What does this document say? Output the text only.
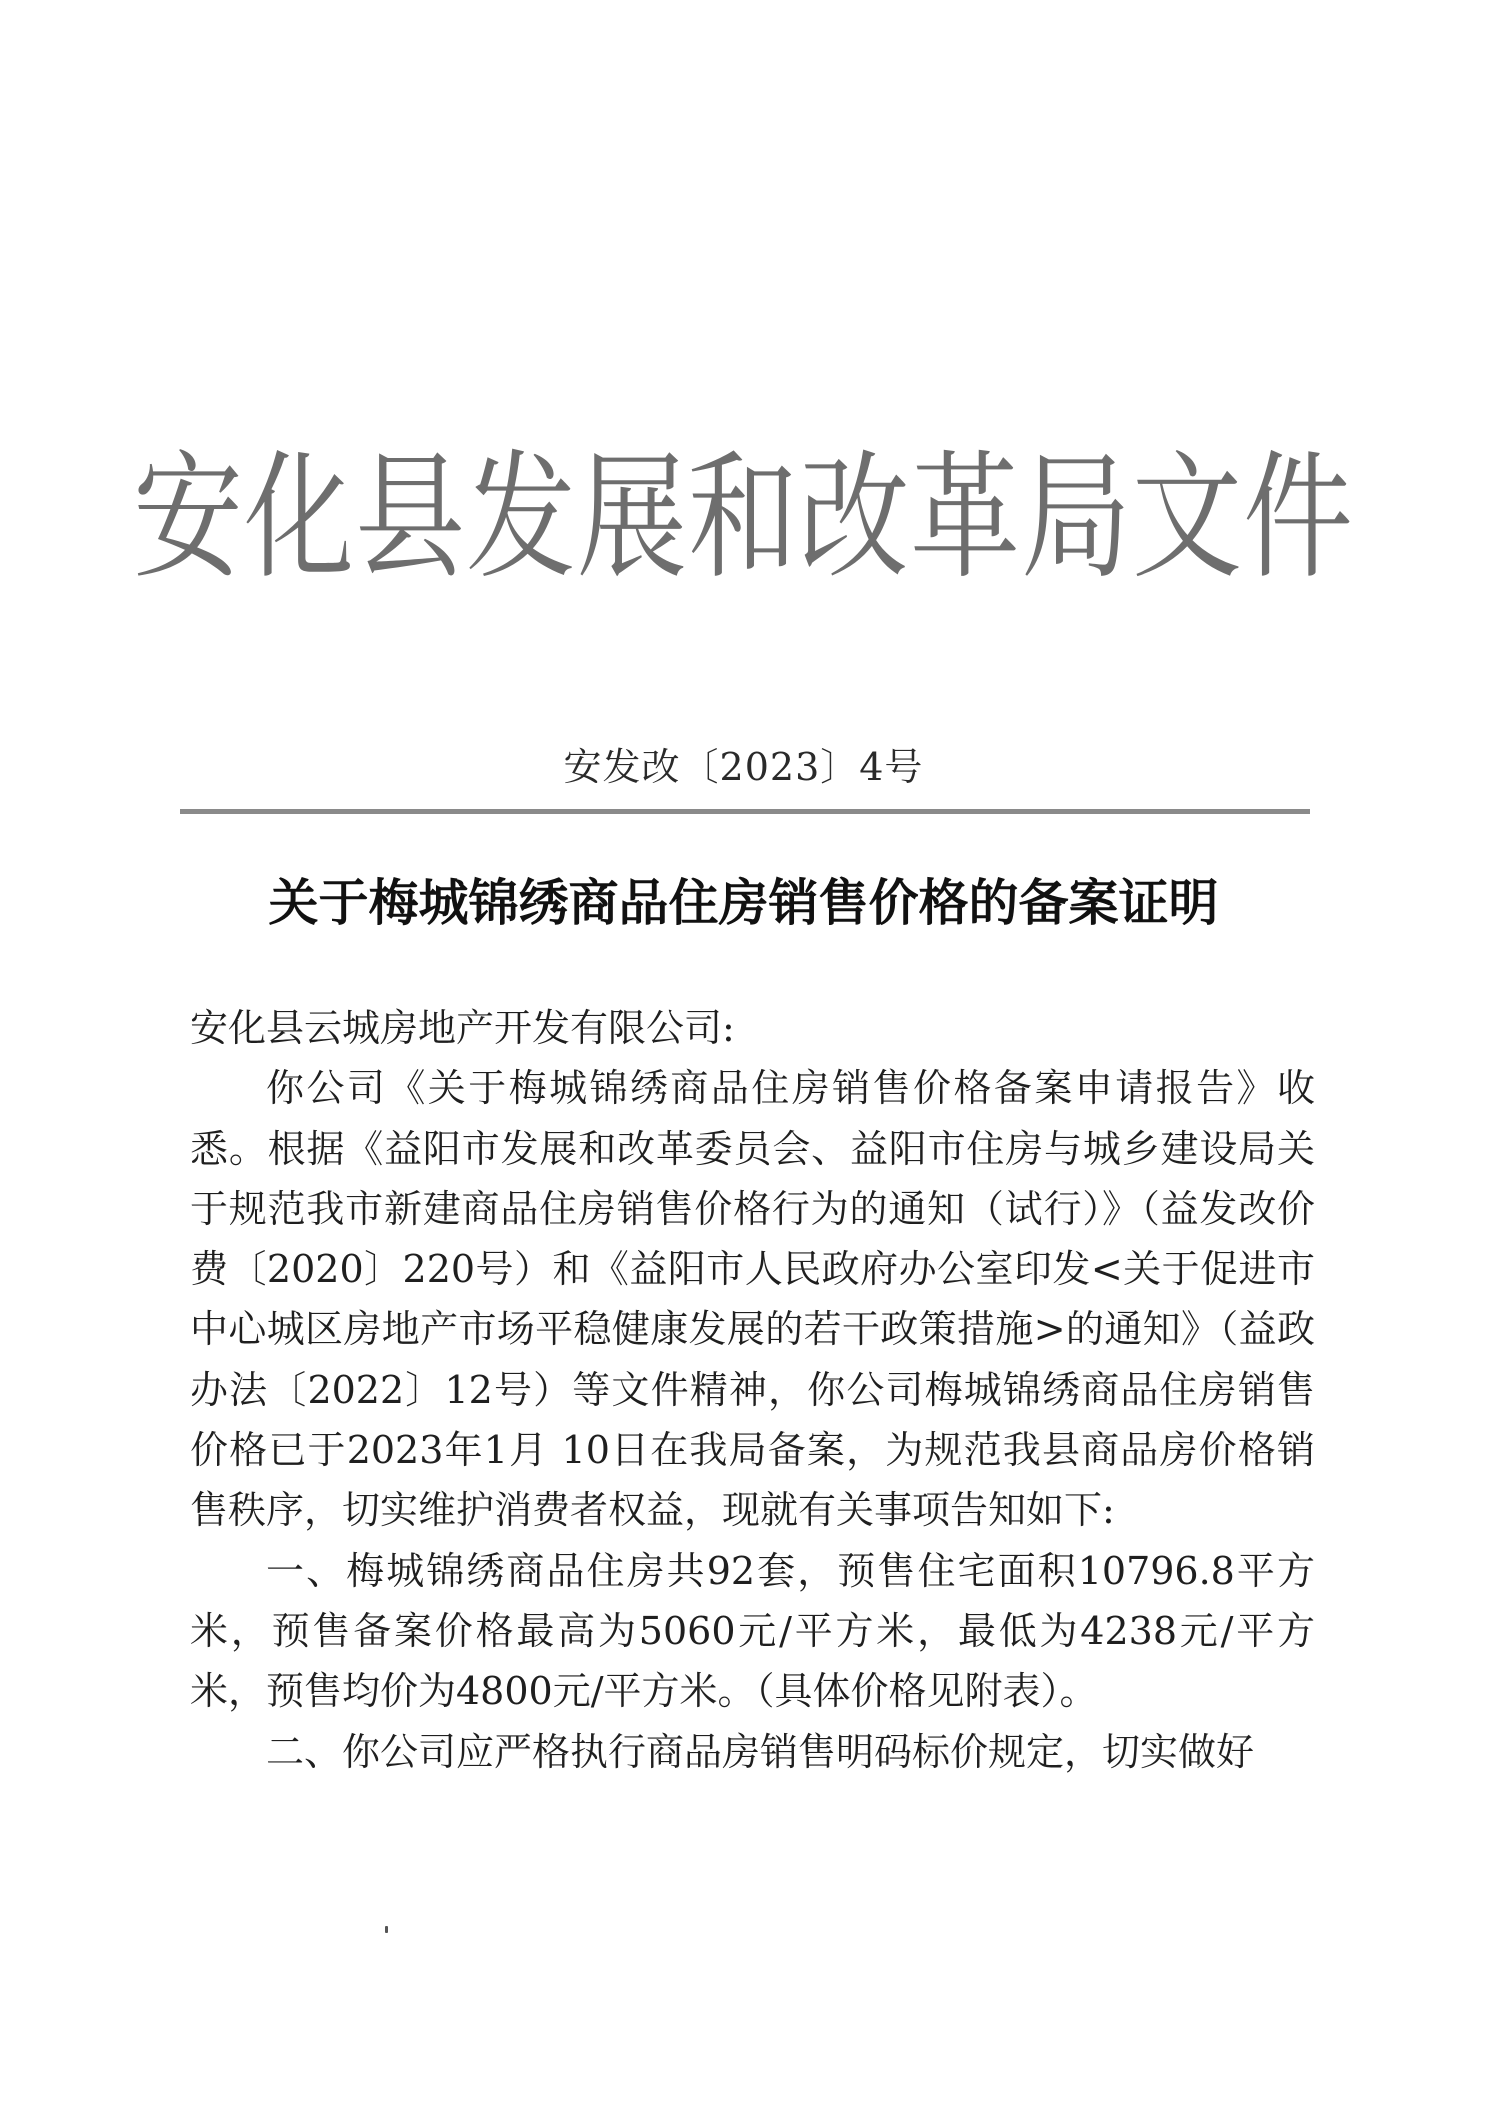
安化县发展和改革局文件
安发改〔2023〕4号
关于梅城锦绣商品住房销售价格的备案证明

安化县云城房地产开发有限公司:

你公司《关于梅城锦绣商品住房销售价格备案申请报告》收悉。根据《益阳市发展和改革委员会、益阳市住房与城乡建设局关于规范我市新建商品住房销售价格行为的通知（试行）》（益发改价费〔2020〕220号）和《益阳市人民政府办公室印发<关于促进市中心城区房地产市场平稳健康发展的若干政策措施>的通知》（益政办法〔2022〕12号）等文件精神，你公司梅城锦绣商品住房销售价格已于2023年1月 10日在我局备案，为规范我县商品房价格销售秩序，切实维护消费者权益，现就有关事项告知如下:

一、梅城锦绣商品住房共92套，预售住宅面积10796.8平方米，预售备案价格最高为5060元/平方米，最低为4238元/平方米，预售均价为4800元/平方米。（具体价格见附表）。

二、你公司应严格执行商品房销售明码标价规定，切实做好
